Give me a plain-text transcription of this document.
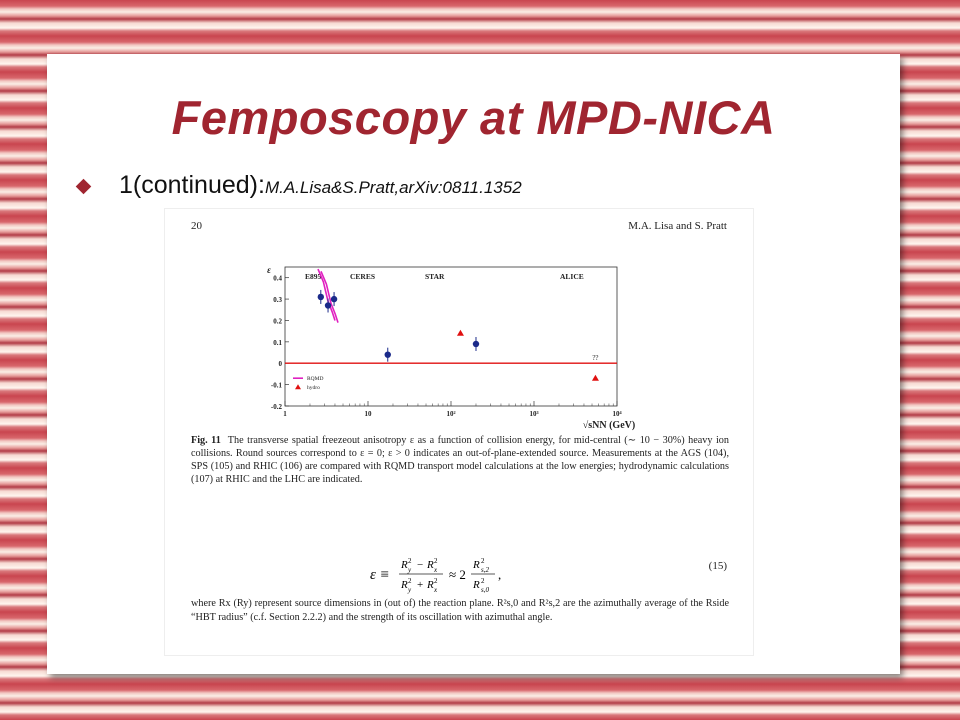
Femposcopy at MPD-NICA
1(continued):M.A.Lisa&S.Pratt,arXiv:0811.1352
20	M.A. Lisa and S. Pratt
0.4
0.3
0.2
0.1
0
-0.1
-0.2
1	10	10²	10³	10⁴
ε
√sNN (GeV)
E895	CERES	STAR	ALICE
??
RQMD
hydro
Fig. 11 The transverse spatial freezeout anisotropy ε as a function of collision energy, for mid-central (∼ 10 − 30%) heavy ion collisions. Round sources correspond to ε = 0; ε > 0 indicates an out-of-plane-extended source. Measurements at the AGS (104), SPS (105) and RHIC (106) are compared with RQMD transport model calculations at the low energies; hydrodynamic calculations (107) at RHIC and the LHC are indicated.
ε ≡
R 2
y − R 2
x
R 2
y + R 2
x
≈ 2
R 2
s,2
R 2
s,0
,
(15)
where Rx (Ry) represent source dimensions in (out of) the reaction plane. R²s,0 and R²s,2 are the azimuthally average of the Rside “HBT radius” (c.f. Section 2.2.2) and the strength of its oscillation with azimuthal angle.
